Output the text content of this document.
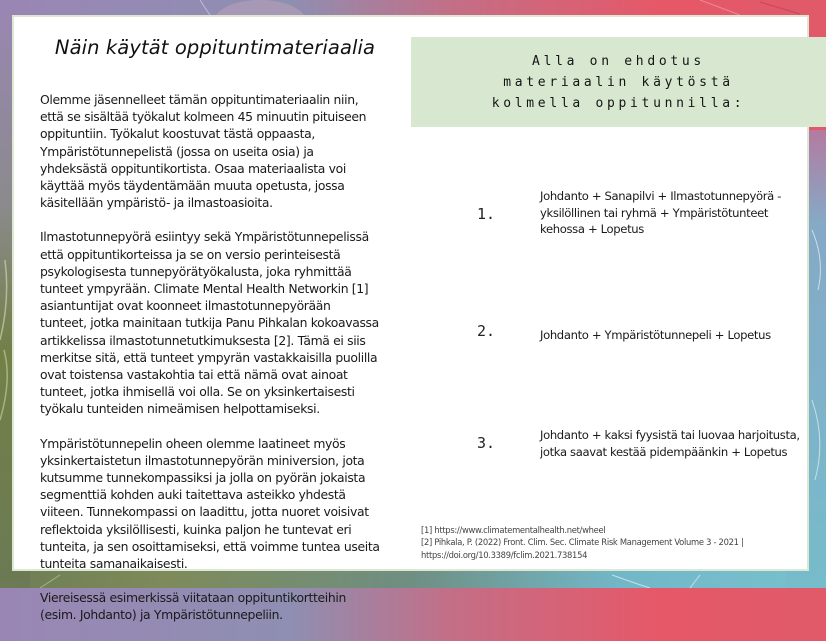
Näin käytät oppituntimateriaalia

Olemme jäsennelleet tämän oppituntimateriaalin niin, että se sisältää työkalut kolmeen 45 minuutin pituiseen oppituntiin. Työkalut koostuvat tästä oppaasta, Ympäristötunnepelistä (jossa on useita osia) ja yhdeksästä oppituntikortista. Osaa materiaalista voi käyttää myös täydentämään muuta opetusta, jossa käsitellään ympäristö- ja ilmastoasioita.

Ilmastotunnepyörä esiintyy sekä Ympäristötunnepelissä että oppituntikorteissa ja se on versio perinteisestä psykologisesta tunnepyörätyökalusta, joka ryhmittää tunteet ympyrään. Climate Mental Health Networkin [1] asiantuntijat ovat koonneet ilmastotunnepyörään tunteet, jotka mainitaan tutkija Panu Pihkalan kokoavassa artikkelissa ilmastotunnetutkimuksesta [2]. Tämä ei siis merkitse sitä, että tunteet ympyrän vastakkaisilla puolilla ovat toistensa vastakohtia tai että nämä ovat ainoat tunteet, jotka ihmisellä voi olla. Se on yksinkertaisesti työkalu tunteiden nimeämisen helpottamiseksi.

Ympäristötunnepelin oheen olemme laatineet myös yksinkertaistetun ilmastotunnepyörän miniversion, jota kutsumme tunnekompassiksi ja jolla on pyörän jokaista segmenttiä kohden auki taitettava asteikko yhdestä viiteen. Tunnekompassi on laadittu, jotta nuoret voisivat reflektoida yksilöllisesti, kuinka paljon he tuntevat eri tunteita, ja sen osoittamiseksi, että voimme tuntea useita tunteita samanaikaisesti.

Viereisessä esimerkissä viitataan oppituntikortteihin (esim. Johdanto) ja Ympäristötunnepeliin.

Alla on ehdotus
materiaalin käytöstä
kolmella oppitunnilla:
1.
Johdanto + Sanapilvi + Ilmastotunnepyörä - yksilöllinen tai ryhmä + Ympäristötunteet kehossa + Lopetus
2.	Johdanto + Ympäristötunnepeli + Lopetus
3.	Johdanto + kaksi fyysistä tai luovaa harjoitusta, jotka saavat kestää pidempäänkin + Lopetus
[1] https://www.climatementalhealth.net/wheel
[2] Pihkala, P. (2022) Front. Clim. Sec. Climate Risk Management Volume 3 - 2021 |
https://doi.org/10.3389/fclim.2021.738154
